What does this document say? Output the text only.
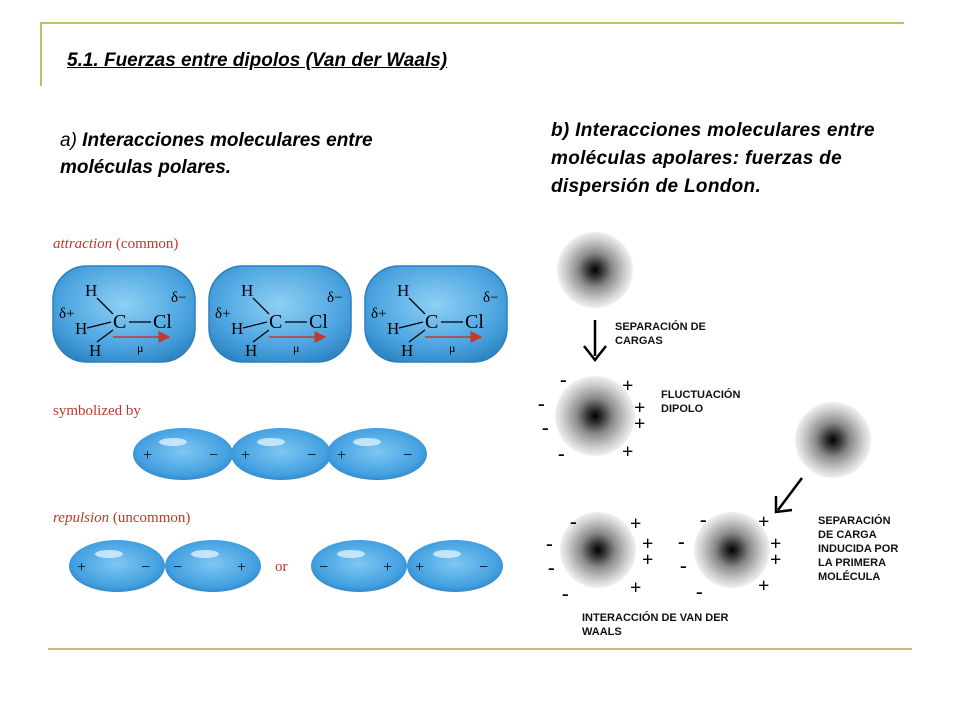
5.1. Fuerzas entre dipolos (Van der Waals)
a) Interacciones moleculares entre moléculas polares.
b) Interacciones moleculares entre moléculas apolares: fuerzas de dispersión de London.
attraction (common)
H
δ+
H
H
C Cl
δ−
μ
H
δ+
H
H
C Cl
δ−
μ
H
δ+
H
H
C Cl
δ−
μ
symbolized by
+	− +	− +	−
repulsion (uncommon)
+	− −	+ or −	+ +	−
-
-
-
-
+
+
+
+
-
-
-
-
+
+
+
+
-
-
-
-
+
+
+
+
SEPARACIÓN DE
CARGAS
FLUCTUACIÓN
DIPOLO
SEPARACIÓN
DE CARGA
INDUCIDA POR
LA PRIMERA
MOLÉCULA
INTERACCIÓN DE VAN DER
WAALS
